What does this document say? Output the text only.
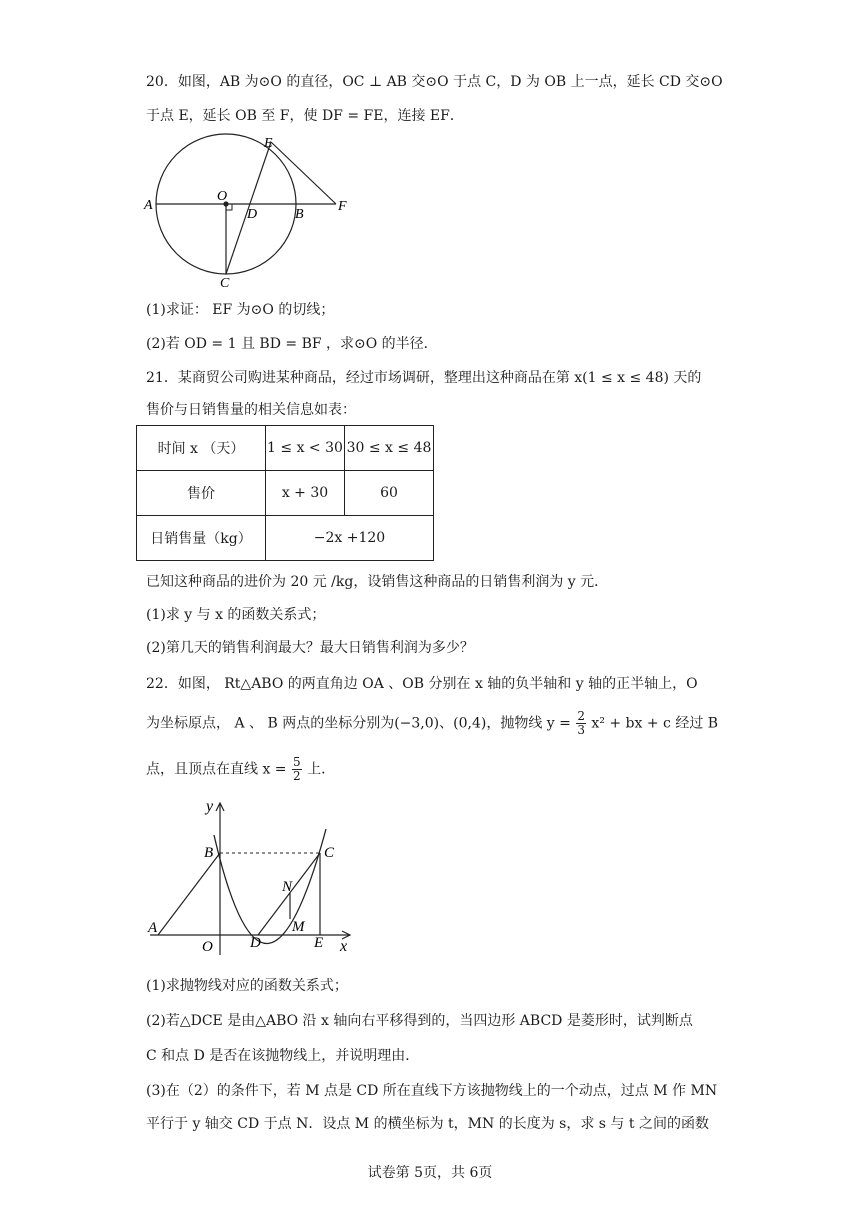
20．如图，AB 为⊙O 的直径，OC ⊥ AB 交⊙O 于点 C，D 为 OB 上一点，延长 CD 交⊙O
于点 E，延长 OB 至 F，使 DF = FE，连接 EF．
A
O
D	B
F
E
C
(1)求证： EF 为⊙O 的切线；
(2)若 OD = 1 且 BD = BF ，求⊙O 的半径．
21．某商贸公司购进某种商品，经过市场调研，整理出这种商品在第 x(1 ≤ x ≤ 48) 天的
售价与日销售量的相关信息如表：
时间 x （天）	1 ≤ x < 30	30 ≤ x ≤ 48
售价	x + 30	60
日销售量（kg）	−2x +120	
已知这种商品的进价为 20 元 /kg，设销售这种商品的日销售利润为 y 元．
(1)求 y 与 x 的函数关系式；
(2)第几天的销售利润最大？最大日销售利润为多少？
22．如图， Rt△ABO 的两直角边 OA 、OB 分别在 x 轴的负半轴和 y 轴的正半轴上，O
为坐标原点， A 、 B 两点的坐标分别为(−3,0)、(0,4)，抛物线 $y = \frac{2}{3} x^2$ + bx + c 经过 B
点，且顶点在直线 $x = \frac{5}{2}$ 上．
y
B	C
N
A
O D
M
E x
(1)求抛物线对应的函数关系式；
(2)若△DCE 是由△ABO 沿 x 轴向右平移得到的，当四边形 ABCD 是菱形时，试判断点
C 和点 D 是否在该抛物线上，并说明理由．
(3)在（2）的条件下，若 M 点是 CD 所在直线下方该抛物线上的一个动点，过点 M 作 MN
平行于 y 轴交 CD 于点 N．设点 M 的横坐标为 t，MN 的长度为 s，求 s 与 t 之间的函数
试卷第 5页，共 6页
